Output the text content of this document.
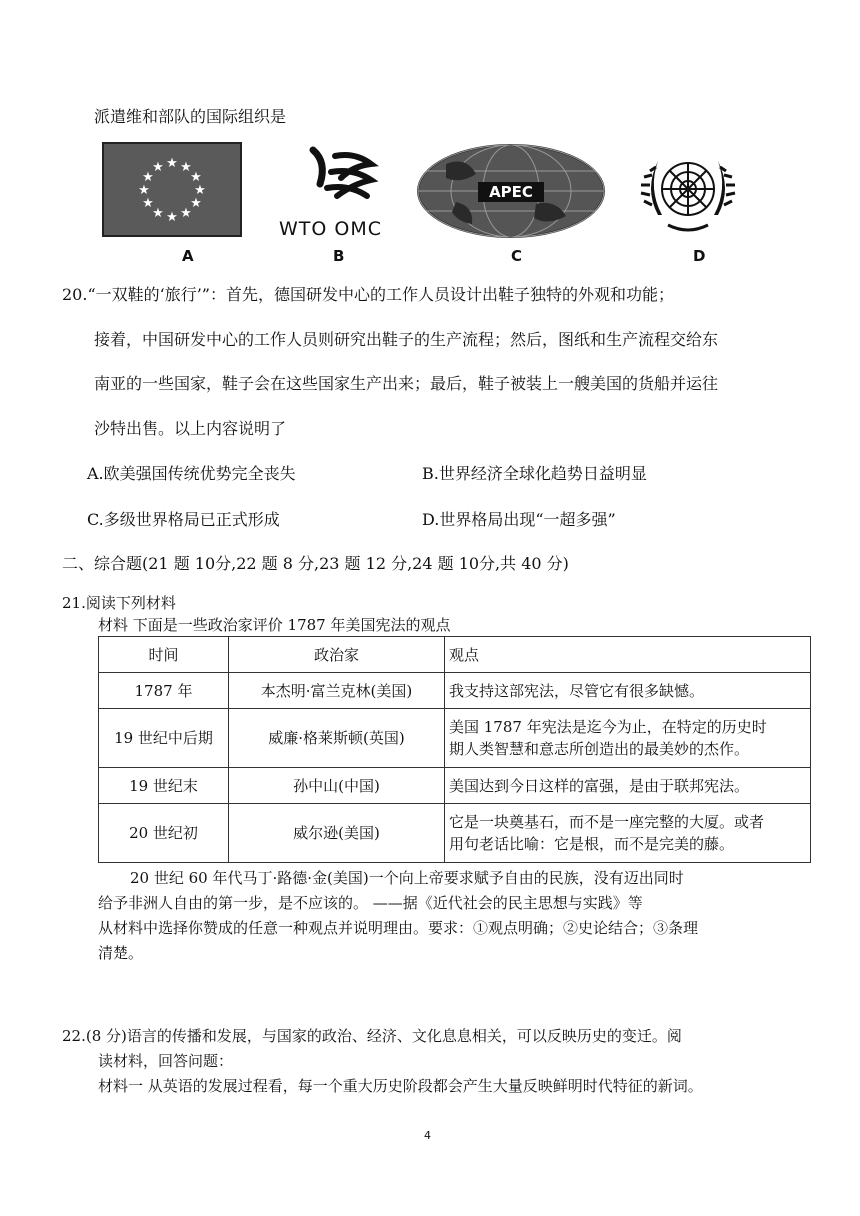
派遣维和部队的国际组织是
★ ★
★
★
★
★
★
★
★
★
★
★
WTO OMC
APEC
A	B	C	D
20.“一双鞋的‘旅行’”：首先，德国研发中心的工作人员设计出鞋子独特的外观和功能；
接着，中国研发中心的工作人员则研究出鞋子的生产流程；然后，图纸和生产流程交给东
南亚的一些国家，鞋子会在这些国家生产出来；最后，鞋子被装上一艘美国的货船并运往
沙特出售。以上内容说明了
A.欧美强国传统优势完全丧失	B.世界经济全球化趋势日益明显
C.多级世界格局已正式形成	D.世界格局出现“一超多强”
二、综合题(21 题 10分,22 题 8 分,23 题 12 分,24 题 10分,共 40 分)
21.阅读下列材料
材料 下面是一些政治家评价 1787 年美国宪法的观点
时间	政治家	观点
1787 年	本杰明·富兰克林(美国)	我支持这部宪法，尽管它有很多缺憾。
19 世纪中后期	威廉·格莱斯顿(英国)	美国 1787 年宪法是迄今为止，在特定的历史时
期人类智慧和意志所创造出的最美妙的杰作。

19 世纪末	孙中山(中国)	美国达到今日这样的富强，是由于联邦宪法。
20 世纪初	威尔逊(美国)	它是一块奠基石，而不是一座完整的大厦。或者
用句老话比喻：它是根，而不是完美的藤。
20 世纪 60 年代马丁·路德·金(美国)一个向上帝要求赋予自由的民族，没有迈出同时
给予非洲人自由的第一步，是不应该的。 ——据《近代社会的民主思想与实践》等
从材料中选择你赞成的任意一种观点并说明理由。要求：①观点明确；②史论结合；③条理
清楚。
22.(8 分)语言的传播和发展，与国家的政治、经济、文化息息相关，可以反映历史的变迁。阅
读材料，回答问题：
材料一 从英语的发展过程看，每一个重大历史阶段都会产生大量反映鲜明时代特征的新词。
4
